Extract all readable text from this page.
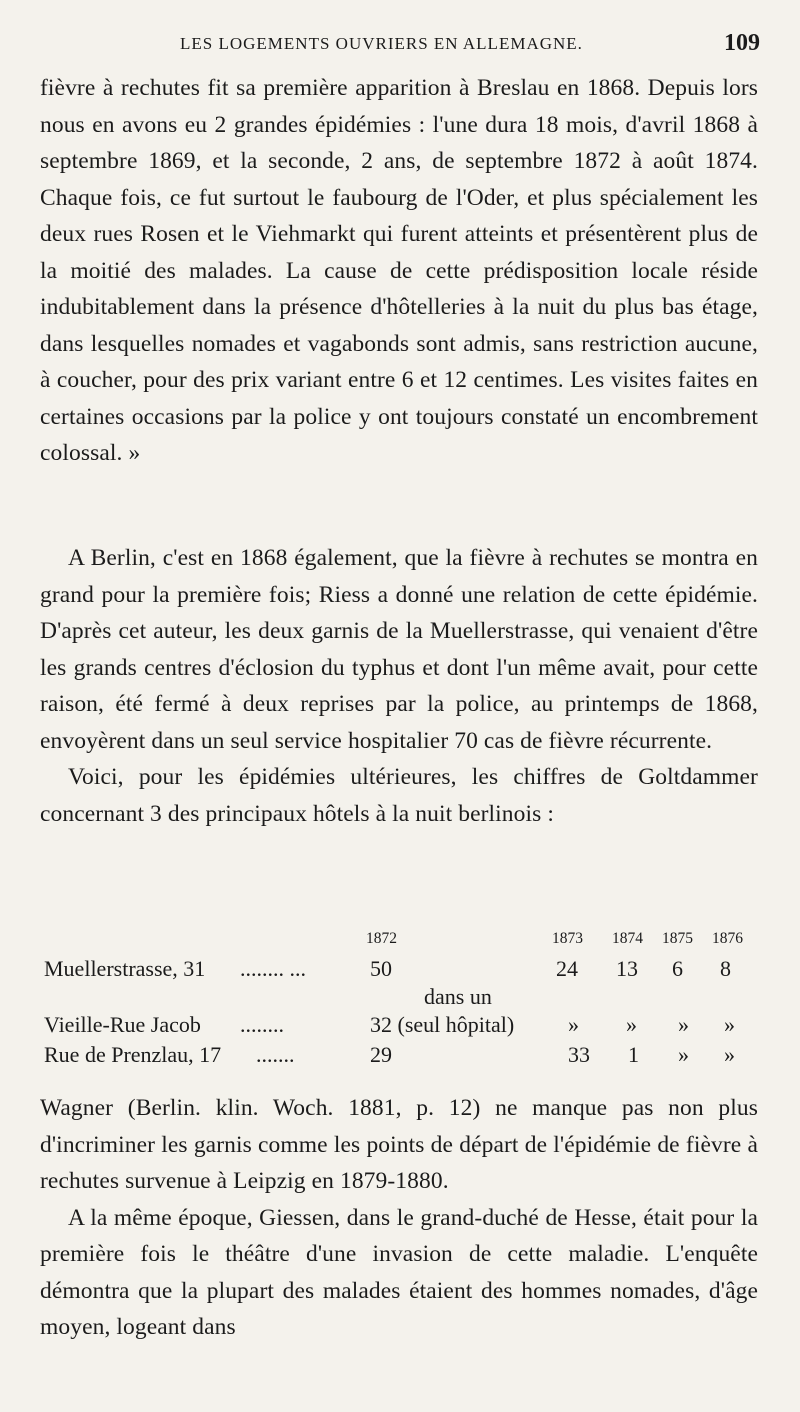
LES LOGEMENTS OUVRIERS EN ALLEMAGNE.	109

fièvre à rechutes fit sa première apparition à Breslau en 1868. Depuis lors nous en avons eu 2 grandes épidémies : l'une dura 18 mois, d'avril 1868 à septembre 1869, et la seconde, 2 ans, de septembre 1872 à août 1874. Chaque fois, ce fut surtout le faubourg de l'Oder, et plus spécialement les deux rues Rosen et le Viehmarkt qui furent atteints et présentèrent plus de la moitié des malades. La cause de cette prédisposition locale réside indubitablement dans la présence d'hôtelleries à la nuit du plus bas étage, dans lesquelles nomades et vagabonds sont admis, sans restriction aucune, à coucher, pour des prix variant entre 6 et 12 centimes. Les visites faites en certaines occasions par la police y ont toujours constaté un encombrement colossal. »

A Berlin, c'est en 1868 également, que la fièvre à rechutes se montra en grand pour la première fois; Riess a donné une relation de cette épidémie. D'après cet auteur, les deux garnis de la Muellerstrasse, qui venaient d'être les grands centres d'éclosion du typhus et dont l'un même avait, pour cette raison, été fermé à deux reprises par la police, au printemps de 1868, envoyèrent dans un seul service hospitalier 70 cas de fièvre récurrente.

Voici, pour les épidémies ultérieures, les chiffres de Goltdammer concernant 3 des principaux hôtels à la nuit berlinois :

1872	1873 1874 1875 1876
Muellerstrasse, 31 ........ ...	50	24 13 6 8
dans un
Vieille-Rue Jacob ........	32 (seul hôpital) » » » »
Rue de Prenzlau, 17 .......	29	33 1 » »

Wagner (Berlin. klin. Woch. 1881, p. 12) ne manque pas non plus d'incriminer les garnis comme les points de départ de l'épidémie de fièvre à rechutes survenue à Leipzig en 1879-1880.

A la même époque, Giessen, dans le grand-duché de Hesse, était pour la première fois le théâtre d'une invasion de cette maladie. L'enquête démontra que la plupart des malades étaient des hommes nomades, d'âge moyen, logeant dans
